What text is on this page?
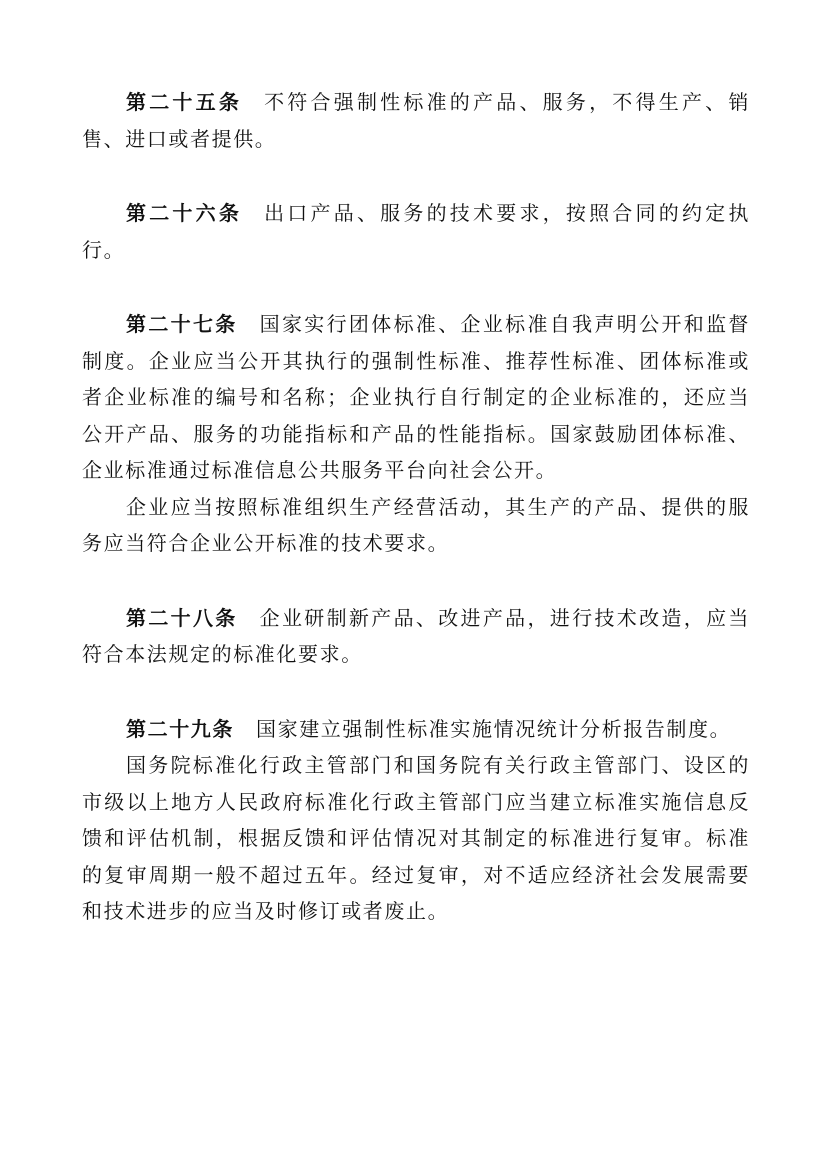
第二十五条 不符合强制性标准的产品、服务，不得生产、销售、进口或者提供。

第二十六条 出口产品、服务的技术要求，按照合同的约定执行。

第二十七条 国家实行团体标准、企业标准自我声明公开和监督制度。企业应当公开其执行的强制性标准、推荐性标准、团体标准或者企业标准的编号和名称；企业执行自行制定的企业标准的，还应当公开产品、服务的功能指标和产品的性能指标。国家鼓励团体标准、企业标准通过标准信息公共服务平台向社会公开。

企业应当按照标准组织生产经营活动，其生产的产品、提供的服务应当符合企业公开标准的技术要求。

第二十八条 企业研制新产品、改进产品，进行技术改造，应当符合本法规定的标准化要求。

第二十九条 国家建立强制性标准实施情况统计分析报告制度。

国务院标准化行政主管部门和国务院有关行政主管部门、设区的市级以上地方人民政府标准化行政主管部门应当建立标准实施信息反馈和评估机制，根据反馈和评估情况对其制定的标准进行复审。标准的复审周期一般不超过五年。经过复审，对不适应经济社会发展需要和技术进步的应当及时修订或者废止。
